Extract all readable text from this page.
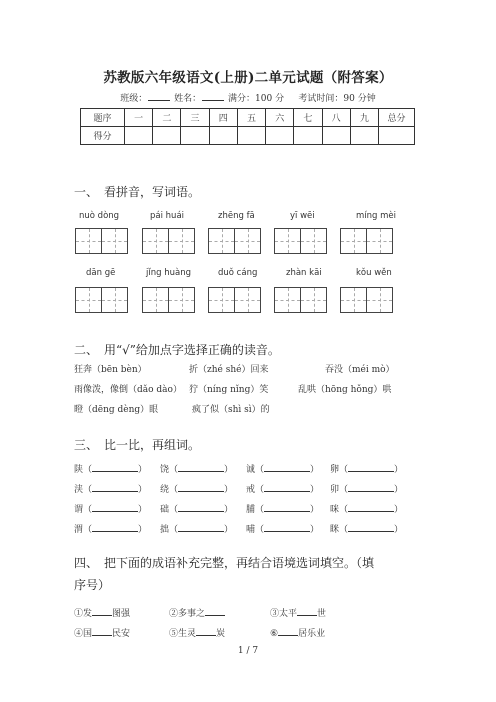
苏教版六年级语文(上册)二单元试题（附答案）
班级：	姓名：	满分：100 分 考试时间：90 分钟
题序	一	二	三	四	五	六	七	八	九	总分
得分										
一、　看拼音，写词语。
nuò dòng	pái huái	zhēng fā	yī wēi	míng mèi
dān gē	jǐng huàng	duǒ cáng	zhàn kāi	kǒu wěn
二、　用“√”给加点字选择正确的读音。
狂奔（bēn bèn）	折（zhé shé）回来	吞没（méi mò）
雨像泼，像倒（dǎo dào） 狞（níng nǐng）笑	乱哄（hōng hǒng）哄
瞪（dēng dèng）眼	疯了似（shì sì）的
三、　比一比，再组词。
陕（	） 饶（	） 诚（	） 卵（	）
浃（	） 绕（	） 戒（	） 卯（	）
谓（	） 础（	） 脯（	） 咪（	）
渭（	） 拙（	） 哺（	） 眯（	）
四、　把下面的成语补充完整，再结合语境选词填空。（填
序号）
①发 图强	②多事之	③太平 世
④国 民安	⑤生灵 炭	⑥ 居乐业
1 / 7
